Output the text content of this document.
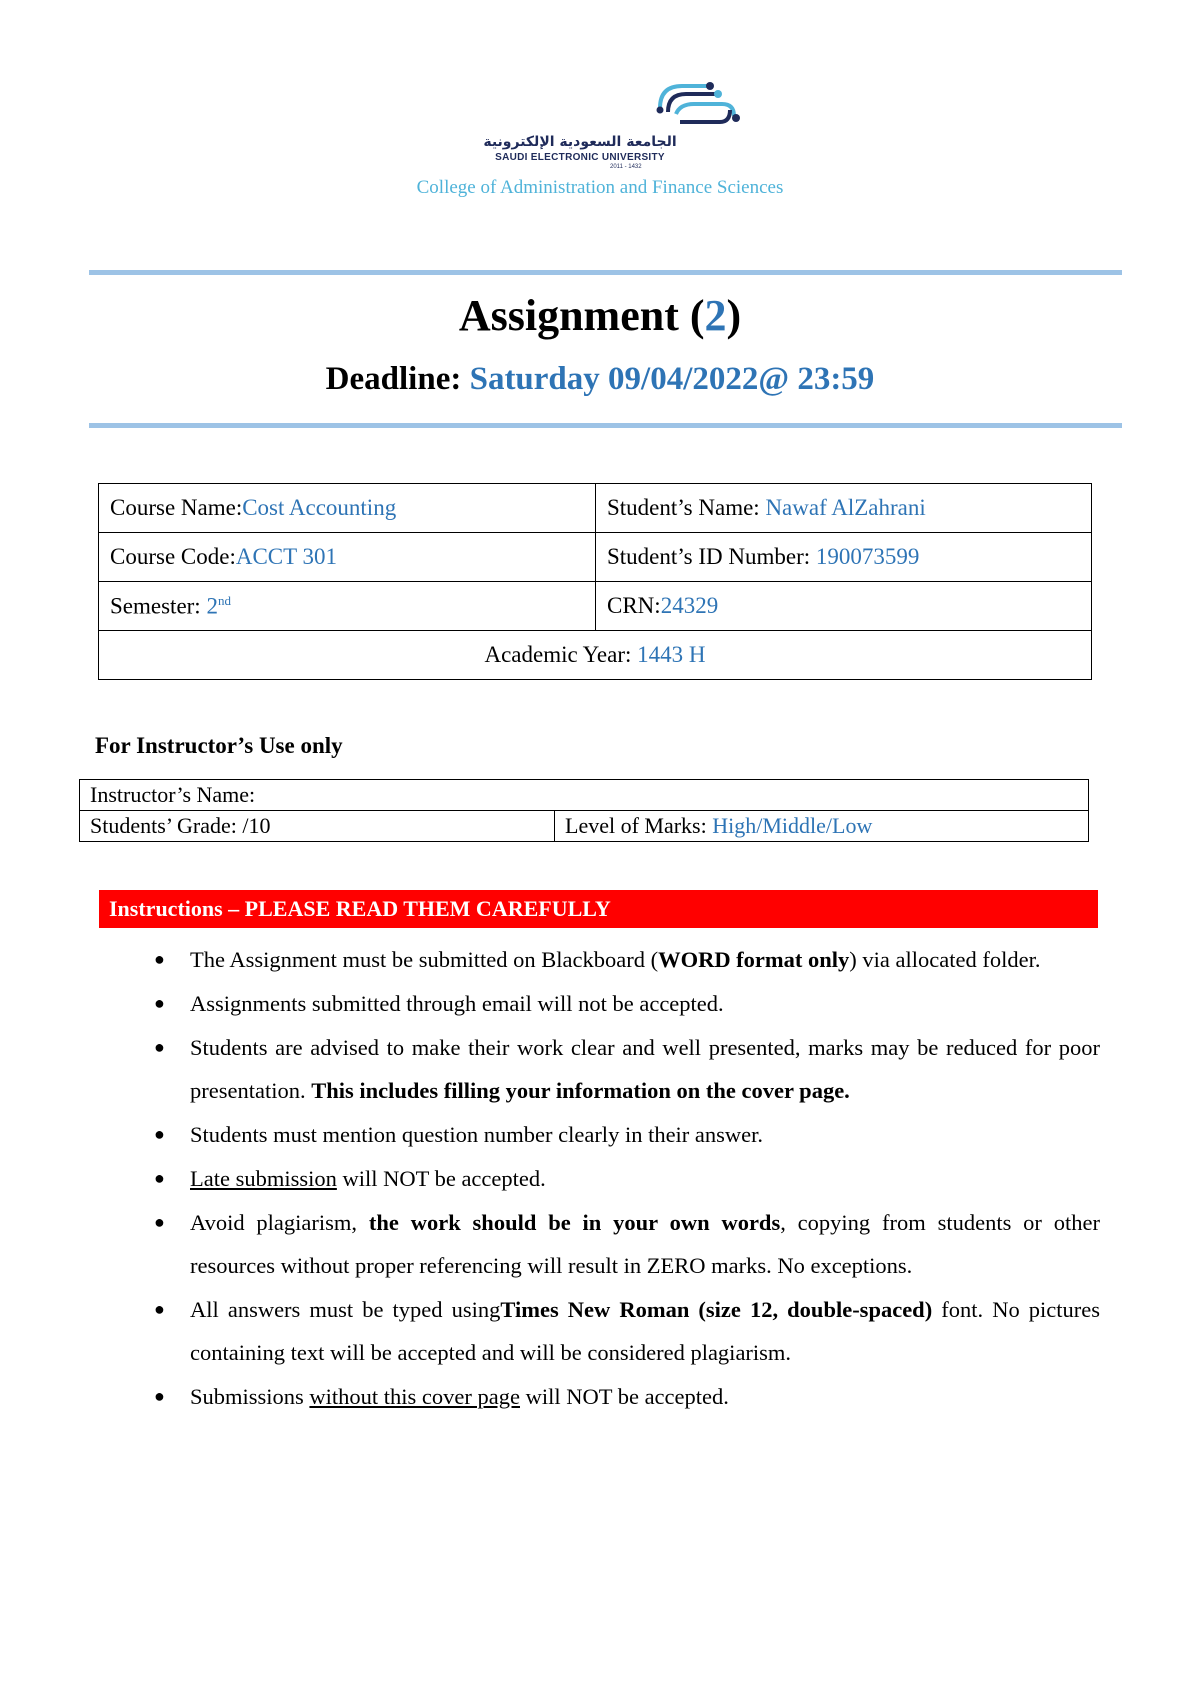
الجامعة السعودية الإلكترونية
SAUDI ELECTRONIC UNIVERSITY
2011 - 1432
College of Administration and Finance Sciences
Assignment (2)
Deadline: Saturday 09/04/2022@ 23:59
Course Name:Cost Accounting	Student’s Name: Nawaf AlZahrani
Course Code:ACCT 301	Student’s ID Number: 190073599
Semester: 2nd	CRN:24329
Academic Year: 1443 H	
For Instructor’s Use only
Instructor’s Name:
Students’ Grade: /10	Level of Marks: High/Middle/Low
Instructions – PLEASE READ THEM CAREFULLY
● The Assignment must be submitted on Blackboard (WORD format only) via allocated folder.
● Assignments submitted through email will not be accepted.
● Students are advised to make their work clear and well presented, marks may be reduced for poor presentation. This includes filling your information on the cover page.
● Students must mention question number clearly in their answer.
● Late submission will NOT be accepted.
● Avoid plagiarism, the work should be in your own words, copying from students or other resources without proper referencing will result in ZERO marks. No exceptions.
● All answers must be typed usingTimes New Roman (size 12, double-spaced) font. No pictures containing text will be accepted and will be considered plagiarism.
● Submissions without this cover page will NOT be accepted.
